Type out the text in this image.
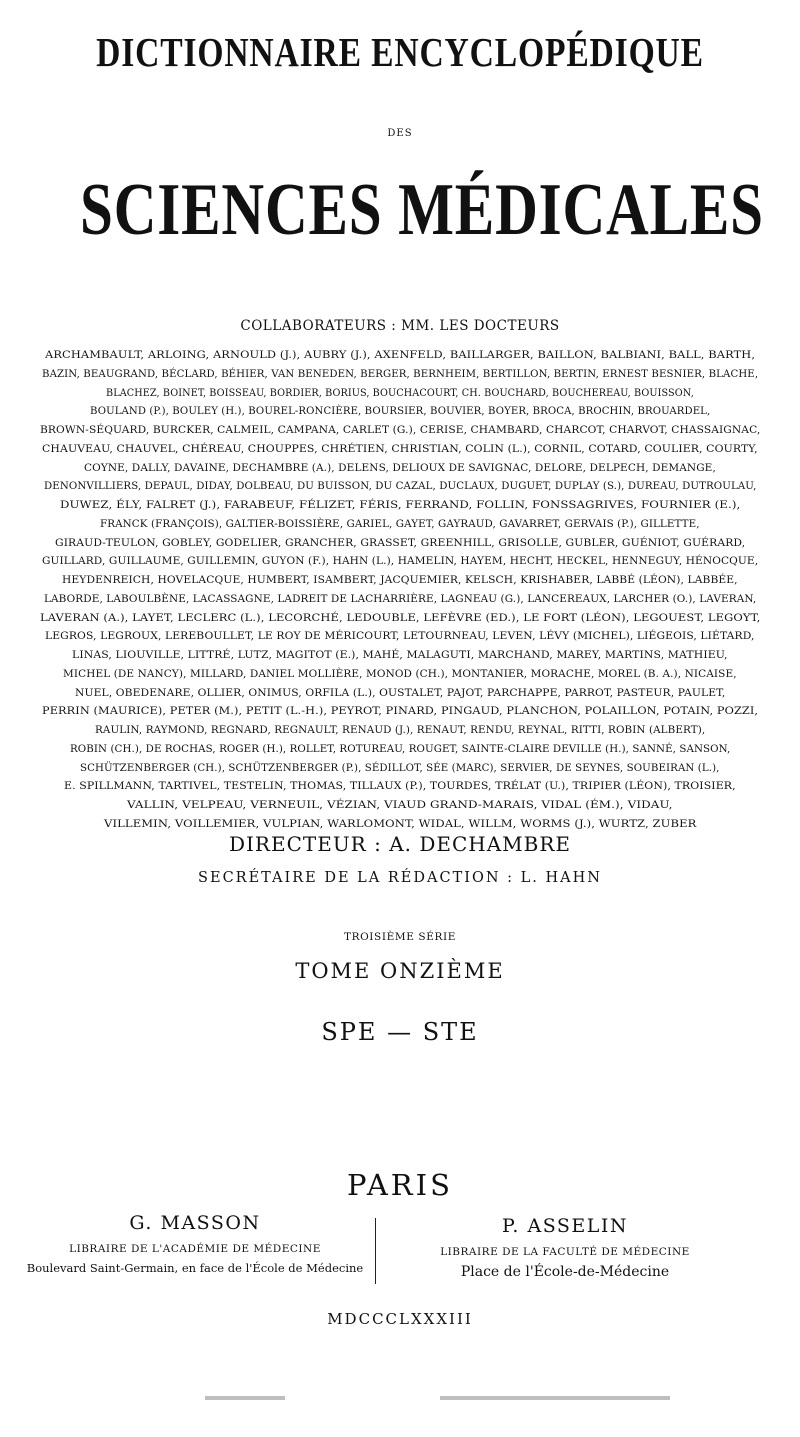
DICTIONNAIRE ENCYCLOPÉDIQUE
DES
SCIENCES MÉDICALES
COLLABORATEURS : MM. LES DOCTEURS
ARCHAMBAULT, ARLOING, ARNOULD (J.), AUBRY (J.), AXENFELD, BAILLARGER, BAILLON, BALBIANI, BALL, BARTH,
BAZIN, BEAUGRAND, BÉCLARD, BÉHIER, VAN BENEDEN, BERGER, BERNHEIM, BERTILLON, BERTIN, ERNEST BESNIER, BLACHE,
BLACHEZ, BOINET, BOISSEAU, BORDIER, BORIUS, BOUCHACOURT, CH. BOUCHARD, BOUCHEREAU, BOUISSON,
BOULAND (P.), BOULEY (H.), BOUREL-RONCIÈRE, BOURSIER, BOUVIER, BOYER, BROCA, BROCHIN, BROUARDEL,
BROWN-SÉQUARD, BURCKER, CALMEIL, CAMPANA, CARLET (G.), CERISE, CHAMBARD, CHARCOT, CHARVOT, CHASSAIGNAC,
CHAUVEAU, CHAUVEL, CHÉREAU, CHOUPPES, CHRÉTIEN, CHRISTIAN, COLIN (L.), CORNIL, COTARD, COULIER, COURTY,
COYNE, DALLY, DAVAINE, DECHAMBRE (A.), DELENS, DELIOUX DE SAVIGNAC, DELORE, DELPECH, DEMANGE,
DENONVILLIERS, DEPAUL, DIDAY, DOLBEAU, DU BUISSON, DU CAZAL, DUCLAUX, DUGUET, DUPLAY (S.), DUREAU, DUTROULAU,
DUWEZ, ÉLY, FALRET (J.), FARABEUF, FÉLIZET, FÉRIS, FERRAND, FOLLIN, FONSSAGRIVES, FOURNIER (E.),
FRANCK (FRANÇOIS), GALTIER-BOISSIÈRE, GARIEL, GAYET, GAYRAUD, GAVARRET, GERVAIS (P.), GILLETTE,
GIRAUD-TEULON, GOBLEY, GODELIER, GRANCHER, GRASSET, GREENHILL, GRISOLLE, GUBLER, GUÉNIOT, GUÉRARD,
GUILLARD, GUILLAUME, GUILLEMIN, GUYON (F.), HAHN (L.), HAMELIN, HAYEM, HECHT, HECKEL, HENNEGUY, HÉNOCQUE,
HEYDENREICH, HOVELACQUE, HUMBERT, ISAMBERT, JACQUEMIER, KELSCH, KRISHABER, LABBÉ (LÉON), LABBÉE,
LABORDE, LABOULBÈNE, LACASSAGNE, LADREIT DE LACHARRIÈRE, LAGNEAU (G.), LANCEREAUX, LARCHER (O.), LAVERAN,
LAVERAN (A.), LAYET, LECLERC (L.), LECORCHÉ, LEDOUBLE, LEFÈVRE (ED.), LE FORT (LÉON), LEGOUEST, LEGOYT,
LEGROS, LEGROUX, LEREBOULLET, LE ROY DE MÉRICOURT, LETOURNEAU, LEVEN, LÉVY (MICHEL), LIÉGEOIS, LIÉTARD,
LINAS, LIOUVILLE, LITTRÉ, LUTZ, MAGITOT (E.), MAHÉ, MALAGUTI, MARCHAND, MAREY, MARTINS, MATHIEU,
MICHEL (DE NANCY), MILLARD, DANIEL MOLLIÈRE, MONOD (CH.), MONTANIER, MORACHE, MOREL (B. A.), NICAISE,
NUEL, OBEDENARE, OLLIER, ONIMUS, ORFILA (L.), OUSTALET, PAJOT, PARCHAPPE, PARROT, PASTEUR, PAULET,
PERRIN (MAURICE), PETER (M.), PETIT (L.-H.), PEYROT, PINARD, PINGAUD, PLANCHON, POLAILLON, POTAIN, POZZI,
RAULIN, RAYMOND, REGNARD, REGNAULT, RENAUD (J.), RENAUT, RENDU, REYNAL, RITTI, ROBIN (ALBERT),
ROBIN (CH.), DE ROCHAS, ROGER (H.), ROLLET, ROTUREAU, ROUGET, SAINTE-CLAIRE DEVILLE (H.), SANNÉ, SANSON,
SCHÜTZENBERGER (CH.), SCHÜTZENBERGER (P.), SÉDILLOT, SÉE (MARC), SERVIER, DE SEYNES, SOUBEIRAN (L.),
E. SPILLMANN, TARTIVEL, TESTELIN, THOMAS, TILLAUX (P.), TOURDES, TRÉLAT (U.), TRIPIER (LÉON), TROISIER,
VALLIN, VELPEAU, VERNEUIL, VÉZIAN, VIAUD GRAND-MARAIS, VIDAL (ÉM.), VIDAU,
VILLEMIN, VOILLEMIER, VULPIAN, WARLOMONT, WIDAL, WILLM, WORMS (J.), WURTZ, ZUBER
DIRECTEUR : A. DECHAMBRE
SECRÉTAIRE DE LA RÉDACTION : L. HAHN
TROISIÈME SÉRIE
TOME ONZIÈME
SPE — STE
PARIS
G. MASSON
LIBRAIRE DE L'ACADÉMIE DE MÉDECINE
Boulevard Saint-Germain, en face de l'École de Médecine
P. ASSELIN
LIBRAIRE DE LA FACULTÉ DE MÉDECINE
Place de l'École-de-Médecine
MDCCCLXXXIII
